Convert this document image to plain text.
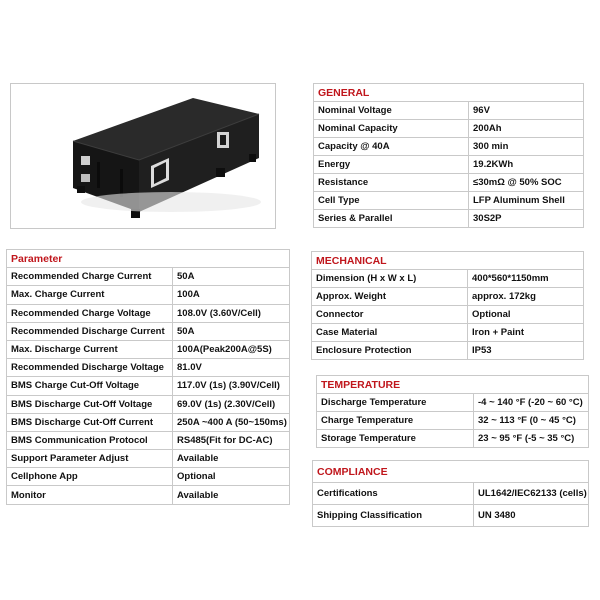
GENERAL	
Nominal Voltage	96V
Nominal Capacity	200Ah
Capacity @ 40A	300 min
Energy	19.2KWh
Resistance	≤30mΩ @ 50% SOC
Cell Type	LFP Aluminum Shell
Series & Parallel	30S2P
Parameter	
Recommended Charge Current	50A
Max. Charge Current	100A
Recommended Charge Voltage	108.0V (3.60V/Cell)
Recommended Discharge Current	50A
Max. Discharge Current	100A(Peak200A@5S)
Recommended Discharge Voltage	81.0V
BMS Charge Cut-Off Voltage	117.0V (1s) (3.90V/Cell)
BMS Discharge Cut-Off Voltage	69.0V (1s) (2.30V/Cell)
BMS Discharge Cut-Off Current	250A ~400 A (50~150ms)
BMS Communication Protocol	RS485(Fit for DC-AC)
Support Parameter Adjust	Available
Cellphone App	Optional
Monitor	Available
MECHANICAL	
Dimension (H x W x L)	400*560*1150mm
Approx. Weight	approx. 172kg
Connector	Optional
Case Material	Iron + Paint
Enclosure Protection	IP53
TEMPERATURE	
Discharge Temperature	-4 ~ 140 °F (-20 ~ 60 °C)
Charge Temperature	32 ~ 113 °F (0 ~ 45 °C)
Storage Temperature	23 ~ 95 °F (-5 ~ 35 °C)
COMPLIANCE	
Certifications	UL1642/IEC62133 (cells)
Shipping Classification	UN 3480
